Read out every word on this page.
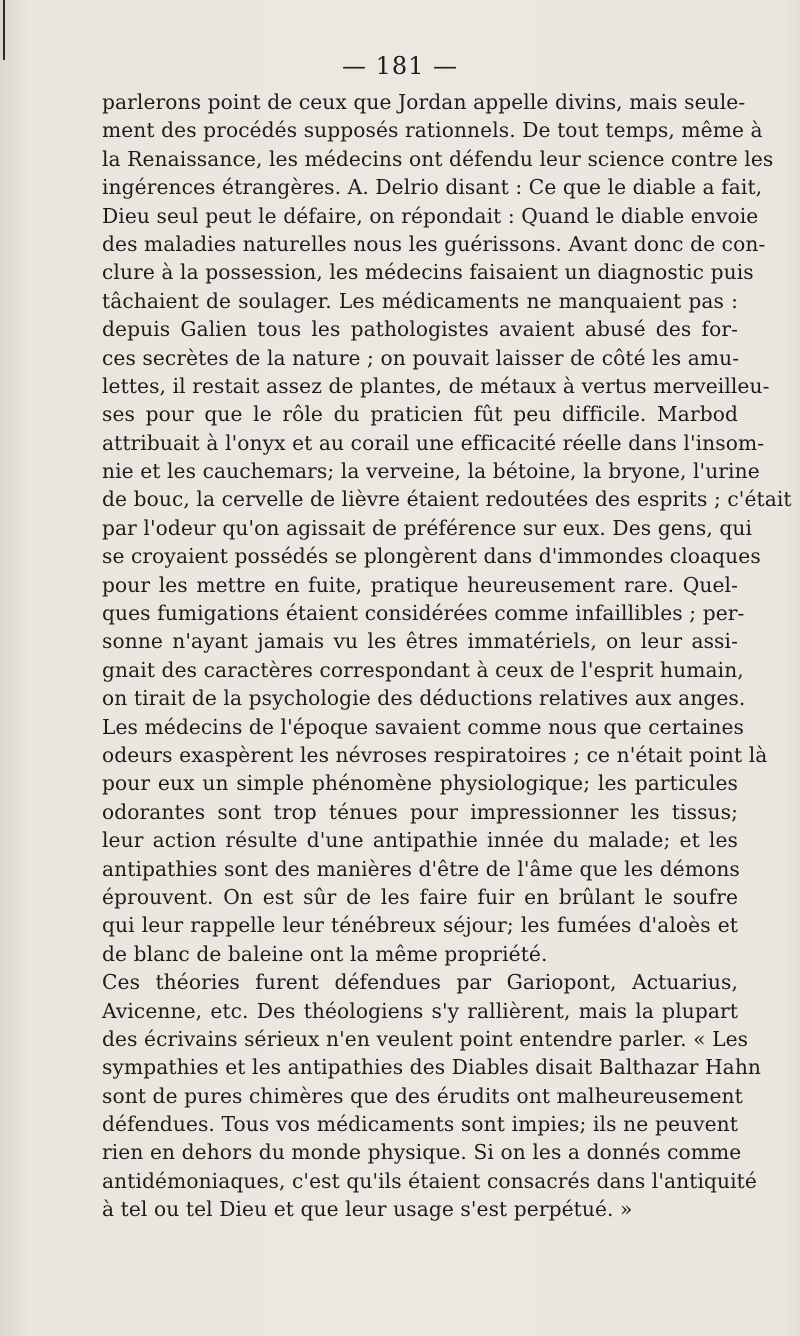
— 181 —
parlerons point de ceux que Jordan appelle divins, mais seule-
ment des procédés supposés rationnels. De tout temps, même à
la Renaissance, les médecins ont défendu leur science contre les
ingérences étrangères. A. Delrio disant : Ce que le diable a fait,
Dieu seul peut le défaire, on répondait : Quand le diable envoie
des maladies naturelles nous les guérissons. Avant donc de con-
clure à la possession, les médecins faisaient un diagnostic puis
tâchaient de soulager. Les médicaments ne manquaient pas :
depuis Galien tous les pathologistes avaient abusé des for-
ces secrètes de la nature ; on pouvait laisser de côté les amu-
lettes, il restait assez de plantes, de métaux à vertus merveilleu-
ses pour que le rôle du praticien fût peu difficile. Marbod
attribuait à l'onyx et au corail une efficacité réelle dans l'insom-
nie et les cauchemars; la verveine, la bétoine, la bryone, l'urine
de bouc, la cervelle de lièvre étaient redoutées des esprits ; c'était
par l'odeur qu'on agissait de préférence sur eux. Des gens, qui
se croyaient possédés se plongèrent dans d'immondes cloaques
pour les mettre en fuite, pratique heureusement rare. Quel-
ques fumigations étaient considérées comme infaillibles ; per-
sonne n'ayant jamais vu les êtres immatériels, on leur assi-
gnait des caractères correspondant à ceux de l'esprit humain,
on tirait de la psychologie des déductions relatives aux anges.
Les médecins de l'époque savaient comme nous que certaines
odeurs exaspèrent les névroses respiratoires ; ce n'était point là
pour eux un simple phénomène physiologique; les particules
odorantes sont trop ténues pour impressionner les tissus;
leur action résulte d'une antipathie innée du malade; et les
antipathies sont des manières d'être de l'âme que les démons
éprouvent. On est sûr de les faire fuir en brûlant le soufre
qui leur rappelle leur ténébreux séjour; les fumées d'aloès et
de blanc de baleine ont la même propriété.
Ces théories furent défendues par Gariopont, Actuarius,
Avicenne, etc. Des théologiens s'y rallièrent, mais la plupart
des écrivains sérieux n'en veulent point entendre parler. « Les
sympathies et les antipathies des Diables disait Balthazar Hahn
sont de pures chimères que des érudits ont malheureusement
défendues. Tous vos médicaments sont impies; ils ne peuvent
rien en dehors du monde physique. Si on les a donnés comme
antidémoniaques, c'est qu'ils étaient consacrés dans l'antiquité
à tel ou tel Dieu et que leur usage s'est perpétué. »
